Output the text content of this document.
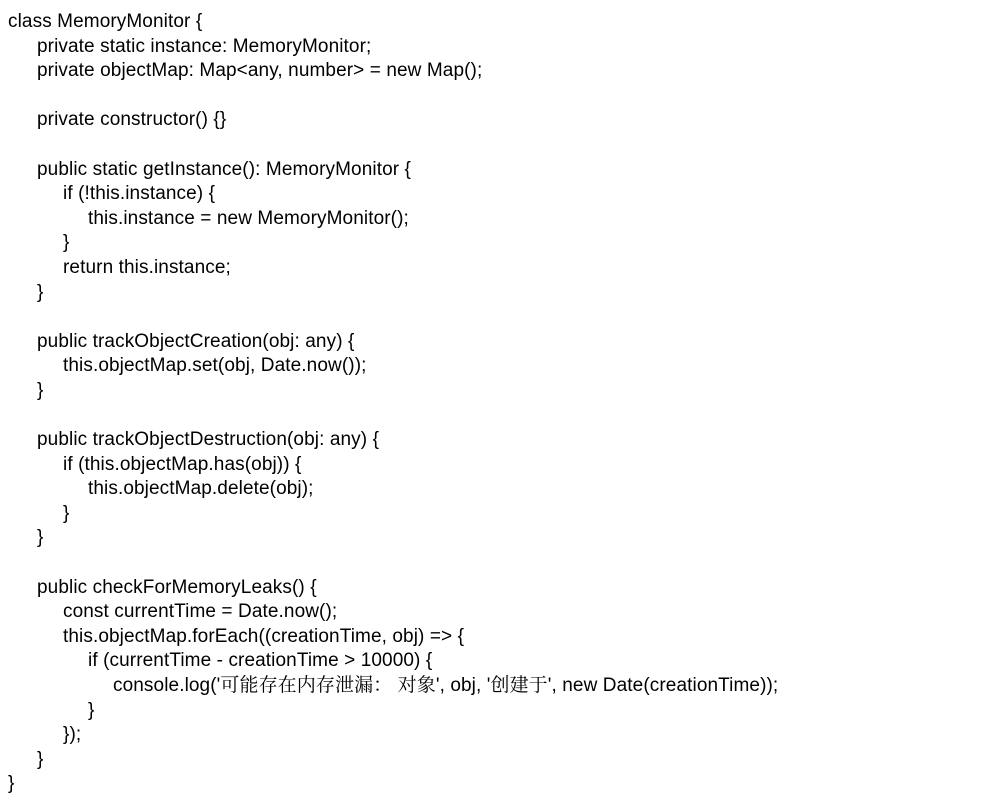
class MemoryMonitor {
private static instance: MemoryMonitor;
private objectMap: Map<any, number> = new Map();
private constructor() {}
public static getInstance(): MemoryMonitor {
if (!this.instance) {
this.instance = new MemoryMonitor();
}
return this.instance;
}
public trackObjectCreation(obj: any) {
this.objectMap.set(obj, Date.now());
}
public trackObjectDestruction(obj: any) {
if (this.objectMap.has(obj)) {
this.objectMap.delete(obj);
}
}
public checkForMemoryLeaks() {
const currentTime = Date.now();
this.objectMap.forEach((creationTime, obj) => {
if (currentTime - creationTime > 10000) {
console.log('可能存在内存泄漏： 对象', obj, '创建于', new Date(creationTime));
}
});
}
}
